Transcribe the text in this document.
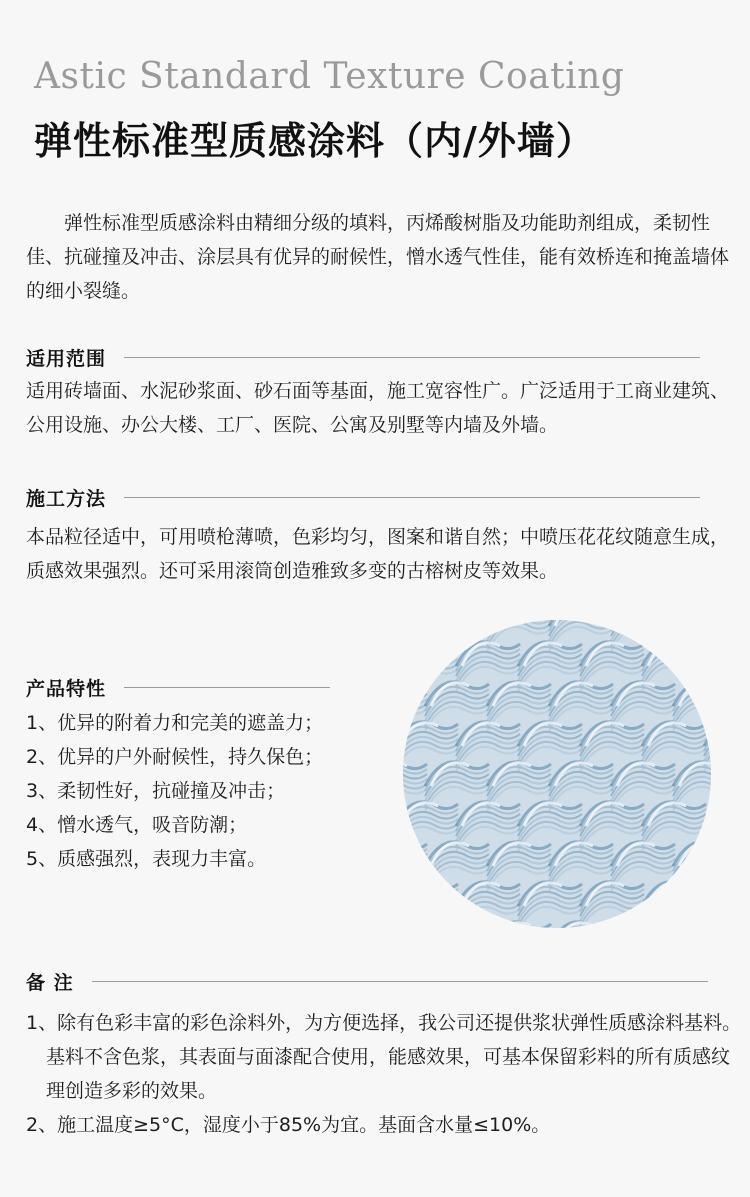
Astic Standard Texture Coating
弹性标准型质感涂料（内/外墙）

弹性标准型质感涂料由精细分级的填料，丙烯酸树脂及功能助剂组成，柔韧性佳、抗碰撞及冲击、涂层具有优异的耐候性，憎水透气性佳，能有效桥连和掩盖墙体的细小裂缝。

适用范围

适用砖墙面、水泥砂浆面、砂石面等基面，施工宽容性广。广泛适用于工商业建筑、公用设施、办公大楼、工厂、医院、公寓及别墅等内墙及外墙。

施工方法

本品粒径适中，可用喷枪薄喷，色彩均匀，图案和谐自然；中喷压花花纹随意生成，质感效果强烈。还可采用滚筒创造雅致多变的古榕树皮等效果。

产品特性
1、优异的附着力和完美的遮盖力；
2、优异的户外耐候性，持久保色；
3、柔韧性好，抗碰撞及冲击；
4、憎水透气，吸音防潮；
5、质感强烈，表现力丰富。
备 注
1、除有色彩丰富的彩色涂料外，为方便选择，我公司还提供浆状弹性质感涂料基料。基料不含色浆，其表面与面漆配合使用，能感效果，可基本保留彩料的所有质感纹理创造多彩的效果。
2、施工温度≥5°C，湿度小于85%为宜。基面含水量≤10%。
